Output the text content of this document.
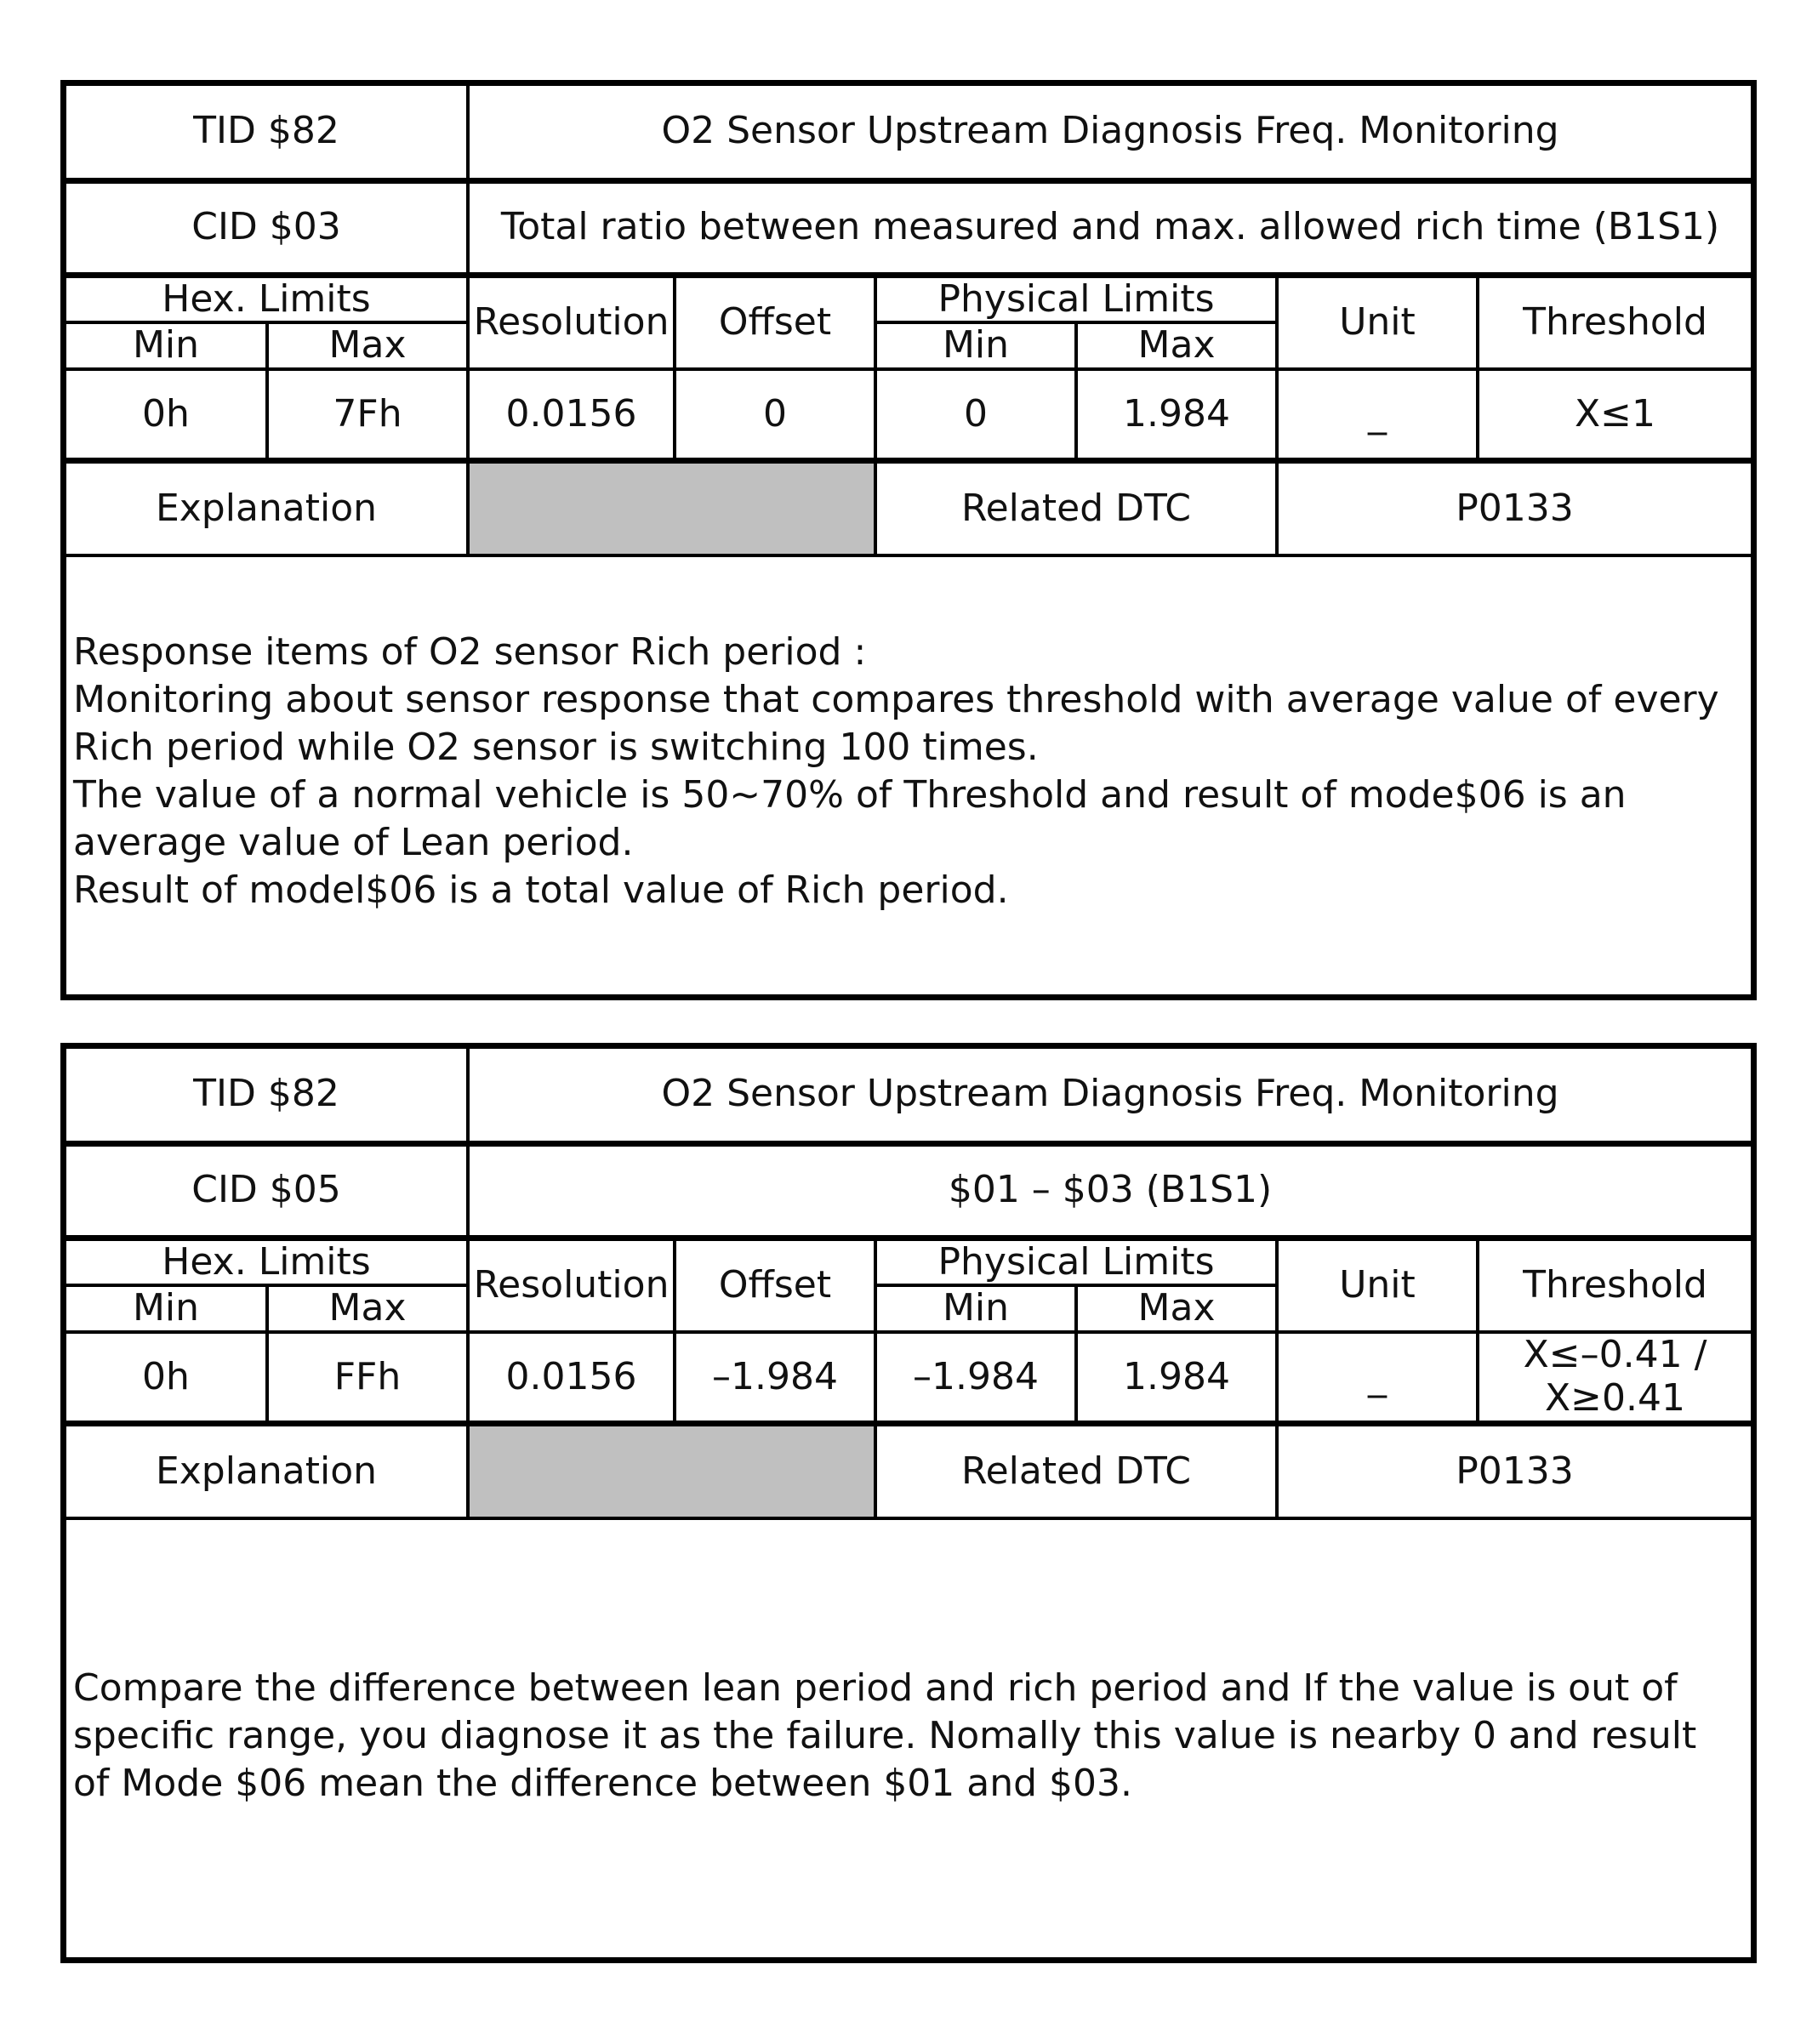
TID $82		O2 Sensor Upstream Diagnosis Freq. Monitoring					
CID $03		Total ratio between measured and max. allowed rich time (B1S1)					
Hex. Limits		Resolution	Offset	Physical Limits		Unit	Threshold
Min	Max			Min	Max		
0h	7Fh	0.0156	0	0	1.984	_	X≤1

Explanation				Related DTC		P0133	

Response items of O2 sensor Rich period :

Monitoring about sensor response that compares threshold with average value of every Rich period while O2 sensor is switching 100 times.

The value of a normal vehicle is 50~70% of Threshold and result of mode$06 is an average value of Lean period.

Result of model$06 is a total value of Rich period.

TID $82		O2 Sensor Upstream Diagnosis Freq. Monitoring					
CID $05		$01 – $03 (B1S1)					
Hex. Limits		Resolution	Offset	Physical Limits		Unit	Threshold
Min	Max			Min	Max		
0h	FFh	0.0156	–1.984	–1.984	1.984	_	X≤–0.41 /
X≥0.41

Explanation				Related DTC		P0133	

Compare the difference between lean period and rich period and If the value is out of specific range, you diagnose it as the failure. Nomally this value is nearby 0 and result of Mode $06 mean the difference between $01 and $03.
